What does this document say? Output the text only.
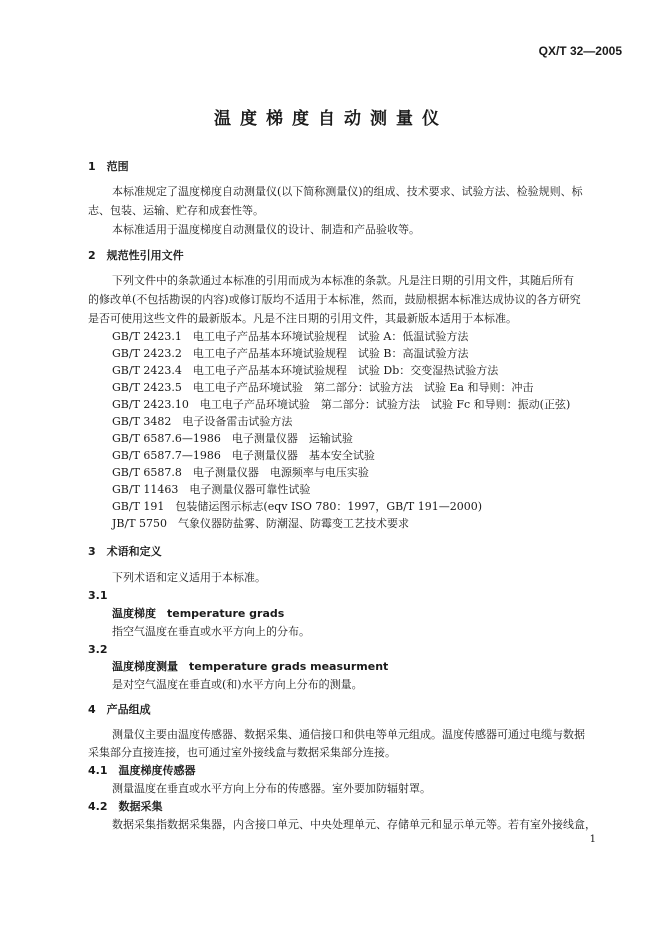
QX/T 32—2005
温度梯度自动测量仪
1　范围
本标准规定了温度梯度自动测量仪(以下简称测量仪)的组成、技术要求、试验方法、检验规则、标
志、包装、运输、贮存和成套性等。
本标准适用于温度梯度自动测量仪的设计、制造和产品验收等。
2　规范性引用文件
下列文件中的条款通过本标准的引用而成为本标准的条款。凡是注日期的引用文件，其随后所有
的修改单(不包括勘误的内容)或修订版均不适用于本标准，然而，鼓励根据本标准达成协议的各方研究
是否可使用这些文件的最新版本。凡是不注日期的引用文件，其最新版本适用于本标准。
GB/T 2423.1　电工电子产品基本环境试验规程　试验 A：低温试验方法
GB/T 2423.2　电工电子产品基本环境试验规程　试验 B：高温试验方法
GB/T 2423.4　电工电子产品基本环境试验规程　试验 Db：交变湿热试验方法
GB/T 2423.5　电工电子产品环境试验　第二部分：试验方法　试验 Ea 和导则：冲击
GB/T 2423.10　电工电子产品环境试验　第二部分：试验方法　试验 Fc 和导则：振动(正弦)
GB/T 3482　电子设备雷击试验方法
GB/T 6587.6—1986　电子测量仪器　运输试验
GB/T 6587.7—1986　电子测量仪器　基本安全试验
GB/T 6587.8　电子测量仪器　电源频率与电压实验
GB/T 11463　电子测量仪器可靠性试验
GB/T 191　包装储运图示标志(eqv ISO 780：1997，GB/T 191—2000)
JB/T 5750　气象仪器防盐雾、防潮湿、防霉变工艺技术要求
3　术语和定义
下列术语和定义适用于本标准。
3.1
温度梯度　temperature grads
指空气温度在垂直或水平方向上的分布。
3.2
温度梯度测量　temperature grads measurment
是对空气温度在垂直或(和)水平方向上分布的测量。
4　产品组成
测量仪主要由温度传感器、数据采集、通信接口和供电等单元组成。温度传感器可通过电缆与数据
采集部分直接连接，也可通过室外接线盒与数据采集部分连接。
4.1　温度梯度传感器
测量温度在垂直或水平方向上分布的传感器。室外要加防辐射罩。
4.2　数据采集
数据采集指数据采集器，内含接口单元、中央处理单元、存储单元和显示单元等。若有室外接线盒，
1
